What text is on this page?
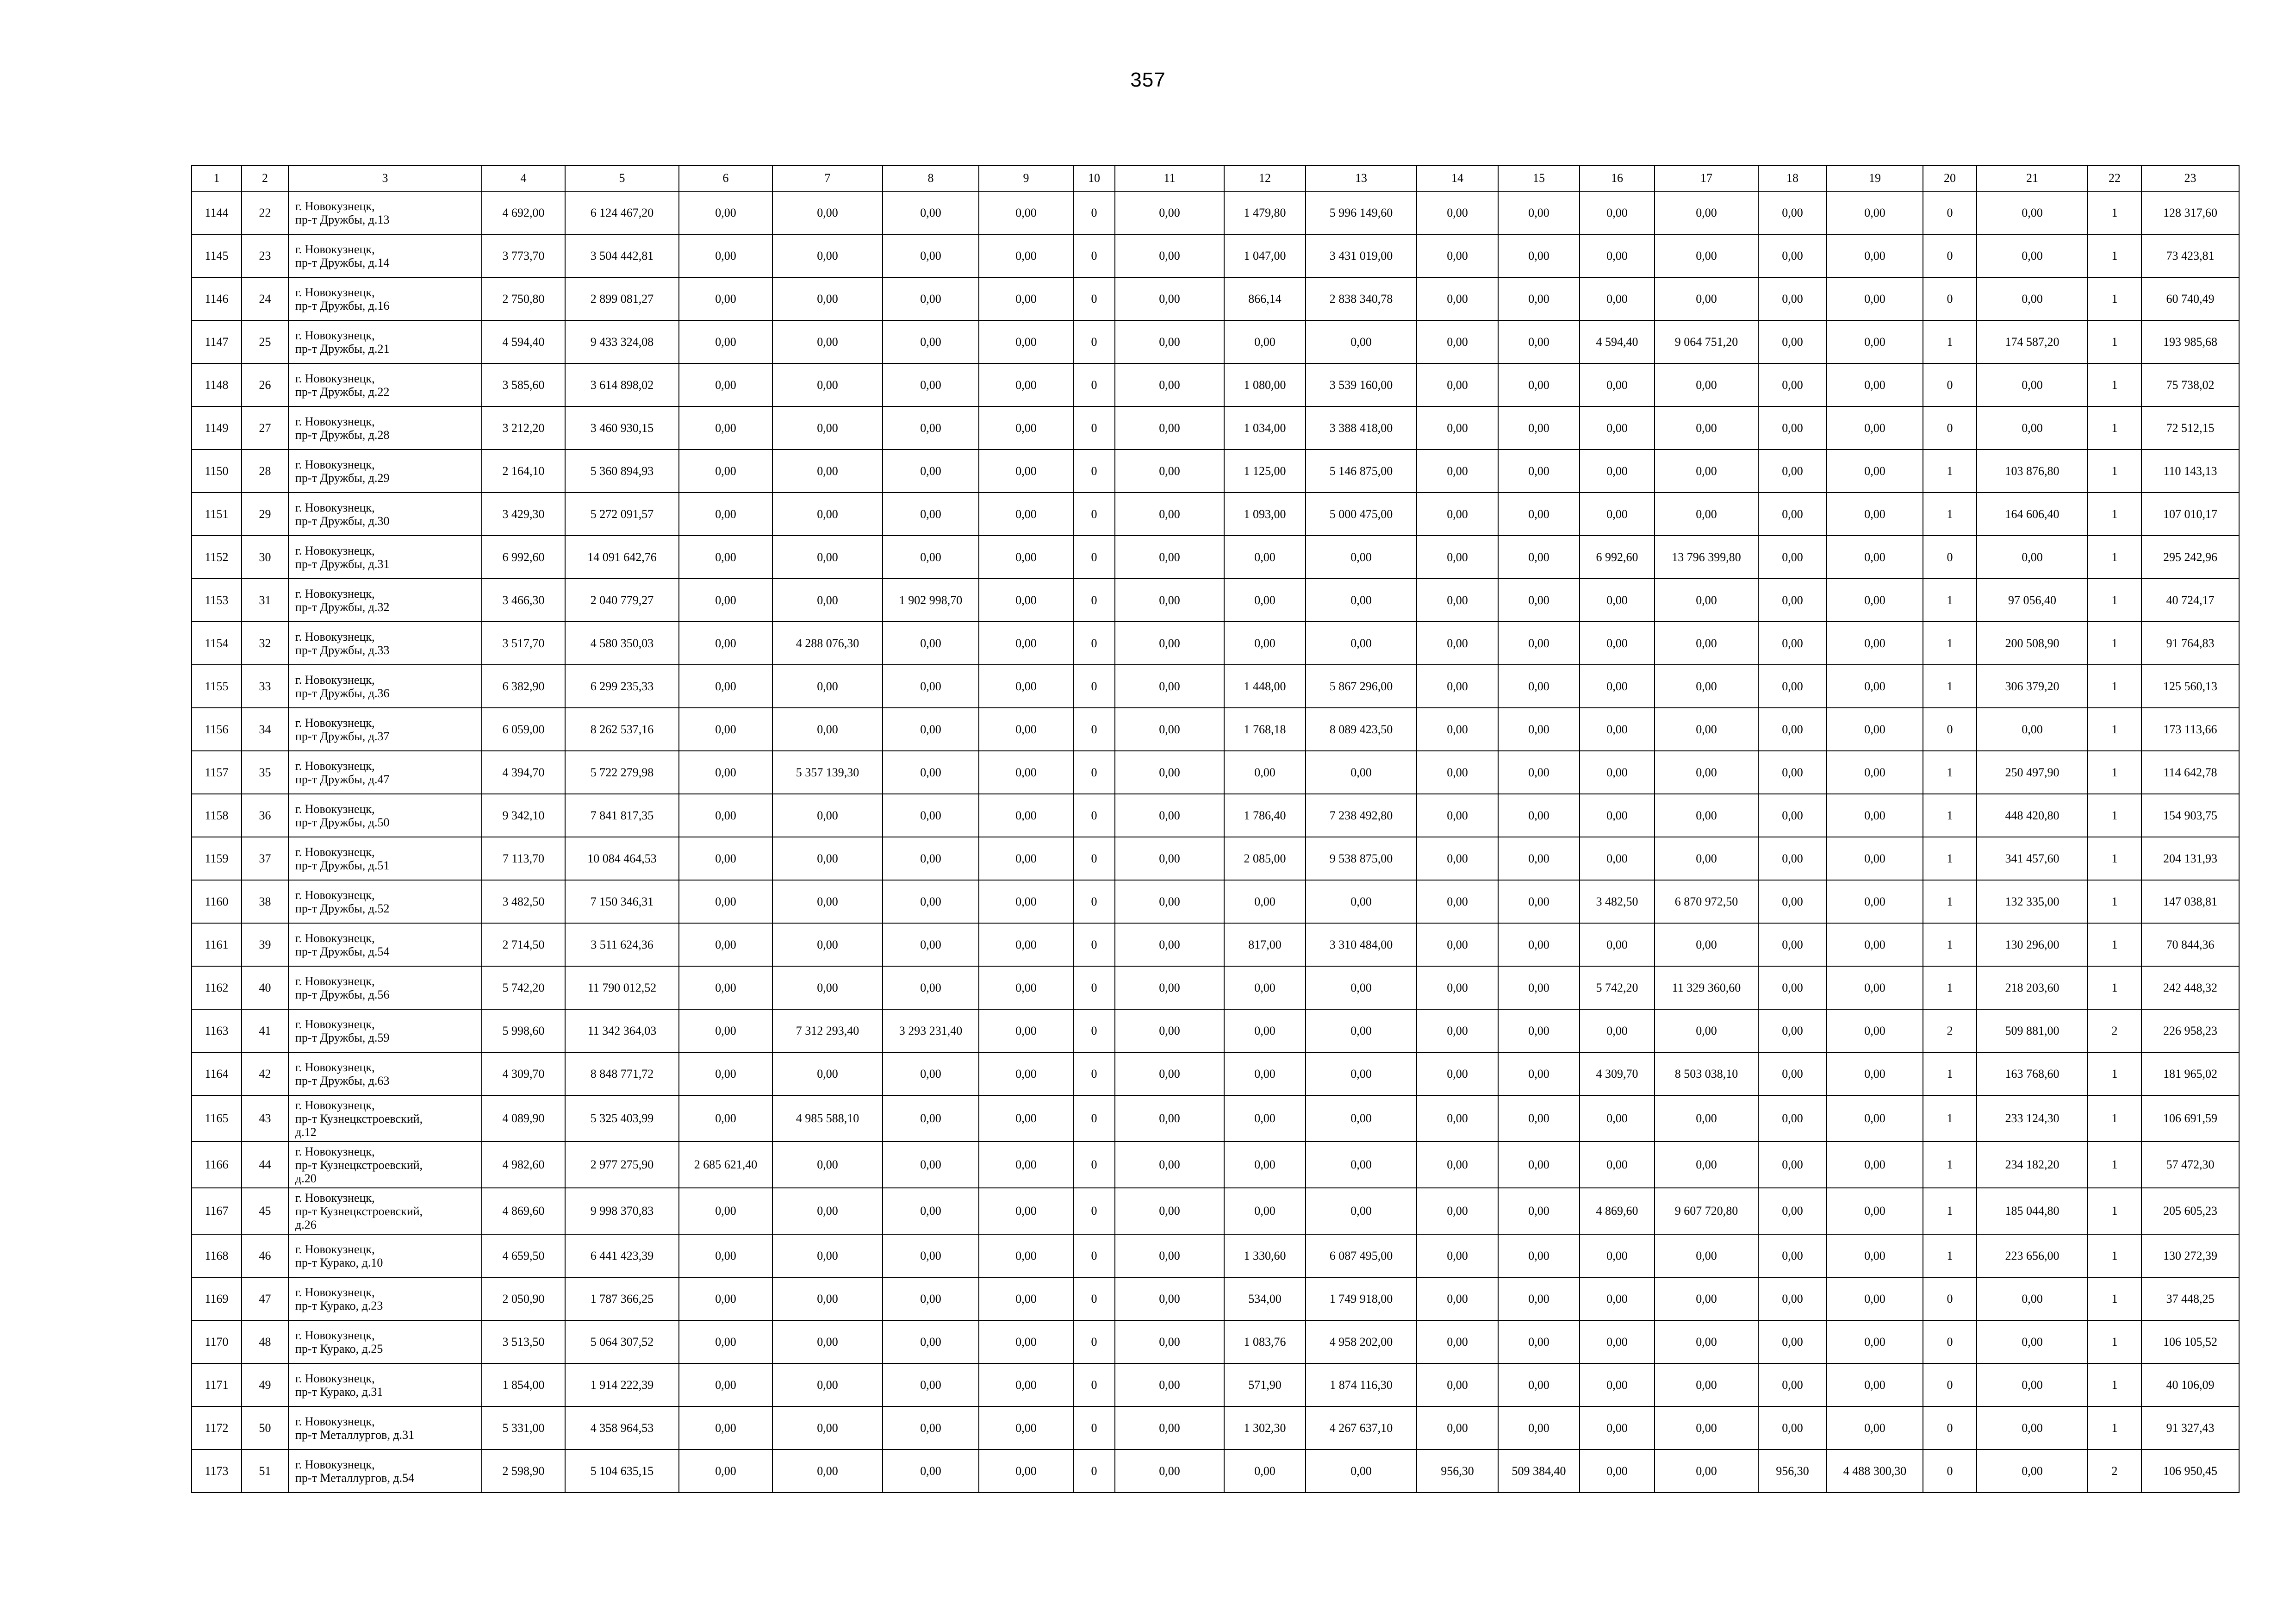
357
1	2	3	4	5	6	7	8	9	10	11	12	13	14	15	16	17	18	19	20	21	22	23
1144	22	г. Новокузнецк,
пр-т Дружбы, д.13	4 692,00	6 124 467,20	0,00	0,00	0,00	0,00	0	0,00	1 479,80	5 996 149,60	0,00	0,00	0,00	0,00	0,00	0,00	0	0,00	1	128 317,60
1145	23	г. Новокузнецк,
пр-т Дружбы, д.14	3 773,70	3 504 442,81	0,00	0,00	0,00	0,00	0	0,00	1 047,00	3 431 019,00	0,00	0,00	0,00	0,00	0,00	0,00	0	0,00	1	73 423,81
1146	24	г. Новокузнецк,
пр-т Дружбы, д.16	2 750,80	2 899 081,27	0,00	0,00	0,00	0,00	0	0,00	866,14	2 838 340,78	0,00	0,00	0,00	0,00	0,00	0,00	0	0,00	1	60 740,49
1147	25	г. Новокузнецк,
пр-т Дружбы, д.21	4 594,40	9 433 324,08	0,00	0,00	0,00	0,00	0	0,00	0,00	0,00	0,00	0,00	4 594,40	9 064 751,20	0,00	0,00	1	174 587,20	1	193 985,68
1148	26	г. Новокузнецк,
пр-т Дружбы, д.22	3 585,60	3 614 898,02	0,00	0,00	0,00	0,00	0	0,00	1 080,00	3 539 160,00	0,00	0,00	0,00	0,00	0,00	0,00	0	0,00	1	75 738,02
1149	27	г. Новокузнецк,
пр-т Дружбы, д.28	3 212,20	3 460 930,15	0,00	0,00	0,00	0,00	0	0,00	1 034,00	3 388 418,00	0,00	0,00	0,00	0,00	0,00	0,00	0	0,00	1	72 512,15
1150	28	г. Новокузнецк,
пр-т Дружбы, д.29	2 164,10	5 360 894,93	0,00	0,00	0,00	0,00	0	0,00	1 125,00	5 146 875,00	0,00	0,00	0,00	0,00	0,00	0,00	1	103 876,80	1	110 143,13
1151	29	г. Новокузнецк,
пр-т Дружбы, д.30	3 429,30	5 272 091,57	0,00	0,00	0,00	0,00	0	0,00	1 093,00	5 000 475,00	0,00	0,00	0,00	0,00	0,00	0,00	1	164 606,40	1	107 010,17
1152	30	г. Новокузнецк,
пр-т Дружбы, д.31	6 992,60	14 091 642,76	0,00	0,00	0,00	0,00	0	0,00	0,00	0,00	0,00	0,00	6 992,60	13 796 399,80	0,00	0,00	0	0,00	1	295 242,96
1153	31	г. Новокузнецк,
пр-т Дружбы, д.32	3 466,30	2 040 779,27	0,00	0,00	1 902 998,70	0,00	0	0,00	0,00	0,00	0,00	0,00	0,00	0,00	0,00	0,00	1	97 056,40	1	40 724,17
1154	32	г. Новокузнецк,
пр-т Дружбы, д.33	3 517,70	4 580 350,03	0,00	4 288 076,30	0,00	0,00	0	0,00	0,00	0,00	0,00	0,00	0,00	0,00	0,00	0,00	1	200 508,90	1	91 764,83
1155	33	г. Новокузнецк,
пр-т Дружбы, д.36	6 382,90	6 299 235,33	0,00	0,00	0,00	0,00	0	0,00	1 448,00	5 867 296,00	0,00	0,00	0,00	0,00	0,00	0,00	1	306 379,20	1	125 560,13
1156	34	г. Новокузнецк,
пр-т Дружбы, д.37	6 059,00	8 262 537,16	0,00	0,00	0,00	0,00	0	0,00	1 768,18	8 089 423,50	0,00	0,00	0,00	0,00	0,00	0,00	0	0,00	1	173 113,66
1157	35	г. Новокузнецк,
пр-т Дружбы, д.47	4 394,70	5 722 279,98	0,00	5 357 139,30	0,00	0,00	0	0,00	0,00	0,00	0,00	0,00	0,00	0,00	0,00	0,00	1	250 497,90	1	114 642,78
1158	36	г. Новокузнецк,
пр-т Дружбы, д.50	9 342,10	7 841 817,35	0,00	0,00	0,00	0,00	0	0,00	1 786,40	7 238 492,80	0,00	0,00	0,00	0,00	0,00	0,00	1	448 420,80	1	154 903,75
1159	37	г. Новокузнецк,
пр-т Дружбы, д.51	7 113,70	10 084 464,53	0,00	0,00	0,00	0,00	0	0,00	2 085,00	9 538 875,00	0,00	0,00	0,00	0,00	0,00	0,00	1	341 457,60	1	204 131,93
1160	38	г. Новокузнецк,
пр-т Дружбы, д.52	3 482,50	7 150 346,31	0,00	0,00	0,00	0,00	0	0,00	0,00	0,00	0,00	0,00	3 482,50	6 870 972,50	0,00	0,00	1	132 335,00	1	147 038,81
1161	39	г. Новокузнецк,
пр-т Дружбы, д.54	2 714,50	3 511 624,36	0,00	0,00	0,00	0,00	0	0,00	817,00	3 310 484,00	0,00	0,00	0,00	0,00	0,00	0,00	1	130 296,00	1	70 844,36
1162	40	г. Новокузнецк,
пр-т Дружбы, д.56	5 742,20	11 790 012,52	0,00	0,00	0,00	0,00	0	0,00	0,00	0,00	0,00	0,00	5 742,20	11 329 360,60	0,00	0,00	1	218 203,60	1	242 448,32
1163	41	г. Новокузнецк,
пр-т Дружбы, д.59	5 998,60	11 342 364,03	0,00	7 312 293,40	3 293 231,40	0,00	0	0,00	0,00	0,00	0,00	0,00	0,00	0,00	0,00	0,00	2	509 881,00	2	226 958,23
1164	42	г. Новокузнецк,
пр-т Дружбы, д.63	4 309,70	8 848 771,72	0,00	0,00	0,00	0,00	0	0,00	0,00	0,00	0,00	0,00	4 309,70	8 503 038,10	0,00	0,00	1	163 768,60	1	181 965,02
1165	43	г. Новокузнецк,
пр-т Кузнецкстроевский,
д.12	4 089,90	5 325 403,99	0,00	4 985 588,10	0,00	0,00	0	0,00	0,00	0,00	0,00	0,00	0,00	0,00	0,00	0,00	1	233 124,30	1	106 691,59
1166	44	г. Новокузнецк,
пр-т Кузнецкстроевский,
д.20	4 982,60	2 977 275,90	2 685 621,40	0,00	0,00	0,00	0	0,00	0,00	0,00	0,00	0,00	0,00	0,00	0,00	0,00	1	234 182,20	1	57 472,30
1167	45	г. Новокузнецк,
пр-т Кузнецкстроевский,
д.26	4 869,60	9 998 370,83	0,00	0,00	0,00	0,00	0	0,00	0,00	0,00	0,00	0,00	4 869,60	9 607 720,80	0,00	0,00	1	185 044,80	1	205 605,23
1168	46	г. Новокузнецк,
пр-т Курако, д.10	4 659,50	6 441 423,39	0,00	0,00	0,00	0,00	0	0,00	1 330,60	6 087 495,00	0,00	0,00	0,00	0,00	0,00	0,00	1	223 656,00	1	130 272,39
1169	47	г. Новокузнецк,
пр-т Курако, д.23	2 050,90	1 787 366,25	0,00	0,00	0,00	0,00	0	0,00	534,00	1 749 918,00	0,00	0,00	0,00	0,00	0,00	0,00	0	0,00	1	37 448,25
1170	48	г. Новокузнецк,
пр-т Курако, д.25	3 513,50	5 064 307,52	0,00	0,00	0,00	0,00	0	0,00	1 083,76	4 958 202,00	0,00	0,00	0,00	0,00	0,00	0,00	0	0,00	1	106 105,52
1171	49	г. Новокузнецк,
пр-т Курако, д.31	1 854,00	1 914 222,39	0,00	0,00	0,00	0,00	0	0,00	571,90	1 874 116,30	0,00	0,00	0,00	0,00	0,00	0,00	0	0,00	1	40 106,09
1172	50	г. Новокузнецк,
пр-т Металлургов, д.31	5 331,00	4 358 964,53	0,00	0,00	0,00	0,00	0	0,00	1 302,30	4 267 637,10	0,00	0,00	0,00	0,00	0,00	0,00	0	0,00	1	91 327,43
1173	51	г. Новокузнецк,
пр-т Металлургов, д.54	2 598,90	5 104 635,15	0,00	0,00	0,00	0,00	0	0,00	0,00	0,00	956,30	509 384,40	0,00	0,00	956,30	4 488 300,30	0	0,00	2	106 950,45
